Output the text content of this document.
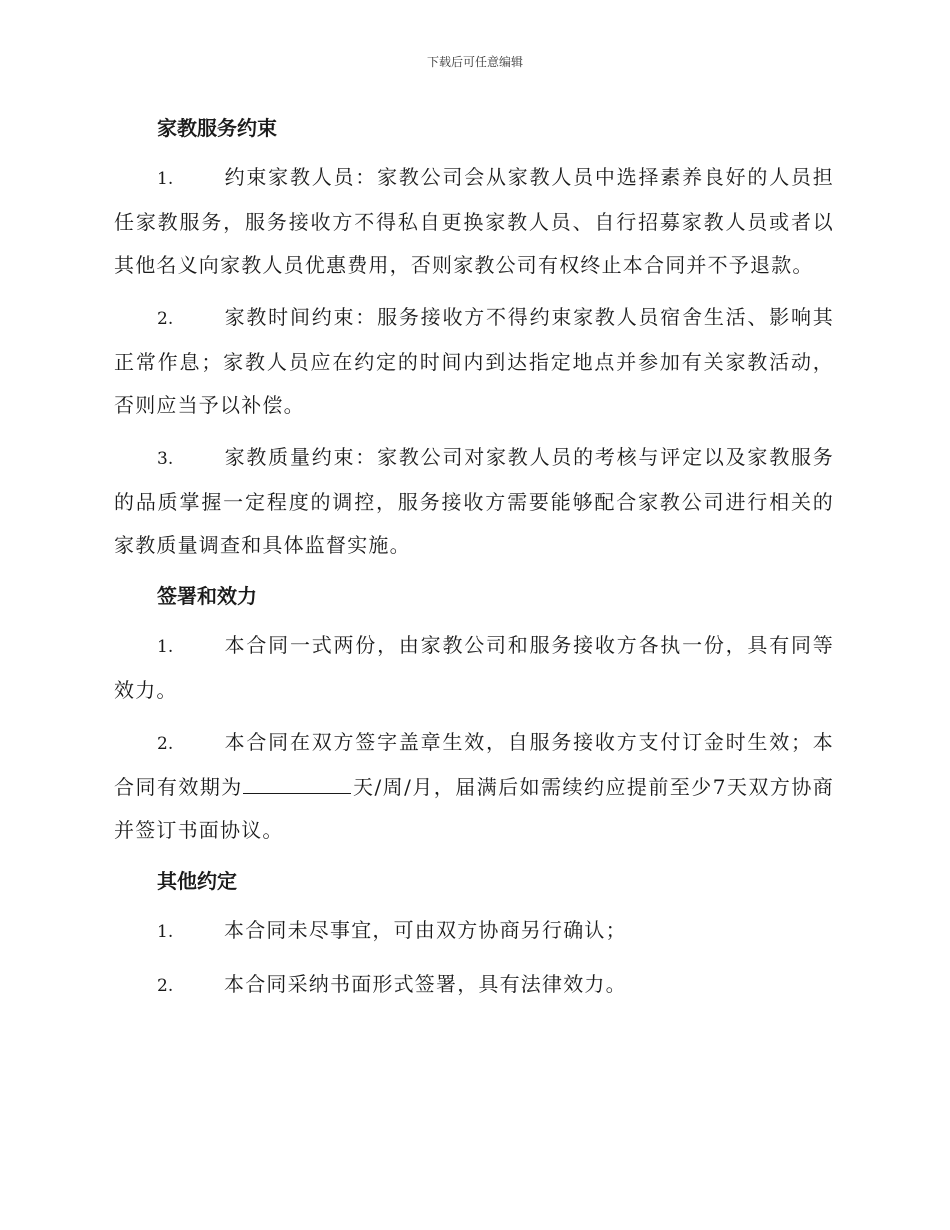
下载后可任意编辑
家教服务约束

1.	约束家教人员：家教公司会从家教人员中选择素养良好的人员担任家教服务，服务接收方不得私自更换家教人员、自行招募家教人员或者以其他名义向家教人员优惠费用，否则家教公司有权终止本合同并不予退款。

2.	家教时间约束：服务接收方不得约束家教人员宿舍生活、影响其正常作息；家教人员应在约定的时间内到达指定地点并参加有关家教活动，否则应当予以补偿。

3.	家教质量约束：家教公司对家教人员的考核与评定以及家教服务的品质掌握一定程度的调控，服务接收方需要能够配合家教公司进行相关的家教质量调查和具体监督实施。

签署和效力

1.	本合同一式两份，由家教公司和服务接收方各执一份，具有同等效力。

2.	本合同在双方签字盖章生效，自服务接收方支付订金时生效；本合同有效期为	天/周/月，届满后如需续约应提前至少7天双方协商并签订书面协议。

其他约定

1.	本合同未尽事宜，可由双方协商另行确认；

2.	本合同采纳书面形式签署，具有法律效力。
